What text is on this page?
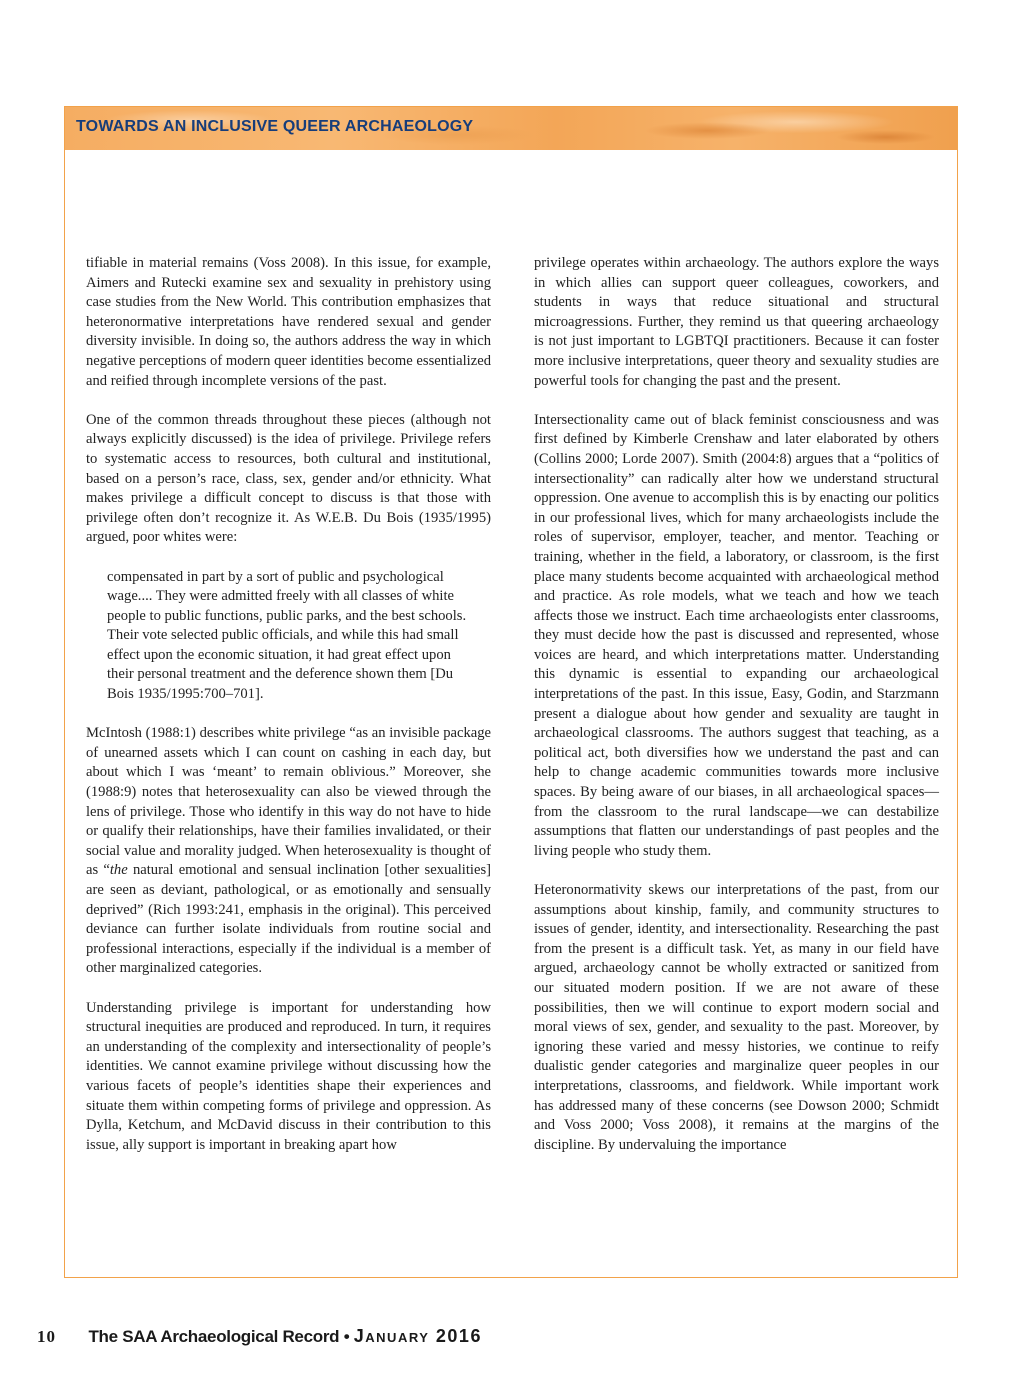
TOWARDS AN INCLUSIVE QUEER ARCHAEOLOGY

tifiable in material remains (Voss 2008). In this issue, for example, Aimers and Rutecki examine sex and sexuality in prehistory using case studies from the New World. This contribution emphasizes that heteronormative interpretations have rendered sexual and gender diversity invisible. In doing so, the authors address the way in which negative perceptions of modern queer identities become essentialized and reified through incomplete versions of the past.

One of the common threads throughout these pieces (although not always explicitly discussed) is the idea of privilege. Privilege refers to systematic access to resources, both cultural and institutional, based on a person’s race, class, sex, gender and/or ethnicity. What makes privilege a difficult concept to discuss is that those with privilege often don’t recognize it. As W.E.B. Du Bois (1935/1995) argued, poor whites were:

compensated in part by a sort of public and psychological wage.... They were admitted freely with all classes of white people to public functions, public parks, and the best schools. Their vote selected public officials, and while this had small effect upon the economic situation, it had great effect upon their personal treatment and the deference shown them [Du Bois 1935/1995:700–701].

McIntosh (1988:1) describes white privilege “as an invisible package of unearned assets which I can count on cashing in each day, but about which I was ‘meant’ to remain oblivious.” Moreover, she (1988:9) notes that heterosexuality can also be viewed through the lens of privilege. Those who identify in this way do not have to hide or qualify their relationships, have their families invalidated, or their social value and morality judged. When heterosexuality is thought of as “the natural emotional and sensual inclination [other sexualities] are seen as deviant, pathological, or as emotionally and sensually deprived” (Rich 1993:241, emphasis in the original). This perceived deviance can further isolate individuals from routine social and professional interactions, especially if the individual is a member of other marginalized categories.

Understanding privilege is important for understanding how structural inequities are produced and reproduced. In turn, it requires an understanding of the complexity and intersectionality of people’s identities. We cannot examine privilege without discussing how the various facets of people’s identities shape their experiences and situate them within competing forms of privilege and oppression. As Dylla, Ketchum, and McDavid discuss in their contribution to this issue, ally support is important in breaking apart how

privilege operates within archaeology. The authors explore the ways in which allies can support queer colleagues, coworkers, and students in ways that reduce situational and structural microagressions. Further, they remind us that queering archaeology is not just important to LGBTQI practitioners. Because it can foster more inclusive interpretations, queer theory and sexuality studies are powerful tools for changing the past and the present.

Intersectionality came out of black feminist consciousness and was first defined by Kimberle Crenshaw and later elaborated by others (Collins 2000; Lorde 2007). Smith (2004:8) argues that a “politics of intersectionality” can radically alter how we understand structural oppression. One avenue to accomplish this is by enacting our politics in our professional lives, which for many archaeologists include the roles of supervisor, employer, teacher, and mentor. Teaching or training, whether in the field, a laboratory, or classroom, is the first place many students become acquainted with archaeological method and practice. As role models, what we teach and how we teach affects those we instruct. Each time archaeologists enter classrooms, they must decide how the past is discussed and represented, whose voices are heard, and which interpretations matter. Understanding this dynamic is essential to expanding our archaeological interpretations of the past. In this issue, Easy, Godin, and Starzmann present a dialogue about how gender and sexuality are taught in archaeological classrooms. The authors suggest that teaching, as a political act, both diversifies how we understand the past and can help to change academic communities towards more inclusive spaces. By being aware of our biases, in all archaeological spaces—from the classroom to the rural landscape—we can destabilize assumptions that flatten our understandings of past peoples and the living people who study them.

Heteronormativity skews our interpretations of the past, from our assumptions about kinship, family, and community structures to issues of gender, identity, and intersectionality. Researching the past from the present is a difficult task. Yet, as many in our field have argued, archaeology cannot be wholly extracted or sanitized from our situated modern position. If we are not aware of these possibilities, then we will continue to export modern social and moral views of sex, gender, and sexuality to the past. Moreover, by ignoring these varied and messy histories, we continue to reify dualistic gender categories and marginalize queer peoples in our interpretations, classrooms, and fieldwork. While important work has addressed many of these concerns (see Dowson 2000; Schmidt and Voss 2000; Voss 2008), it remains at the margins of the discipline. By undervaluing the importance

10 The SAA Archaeological Record • January 2016
